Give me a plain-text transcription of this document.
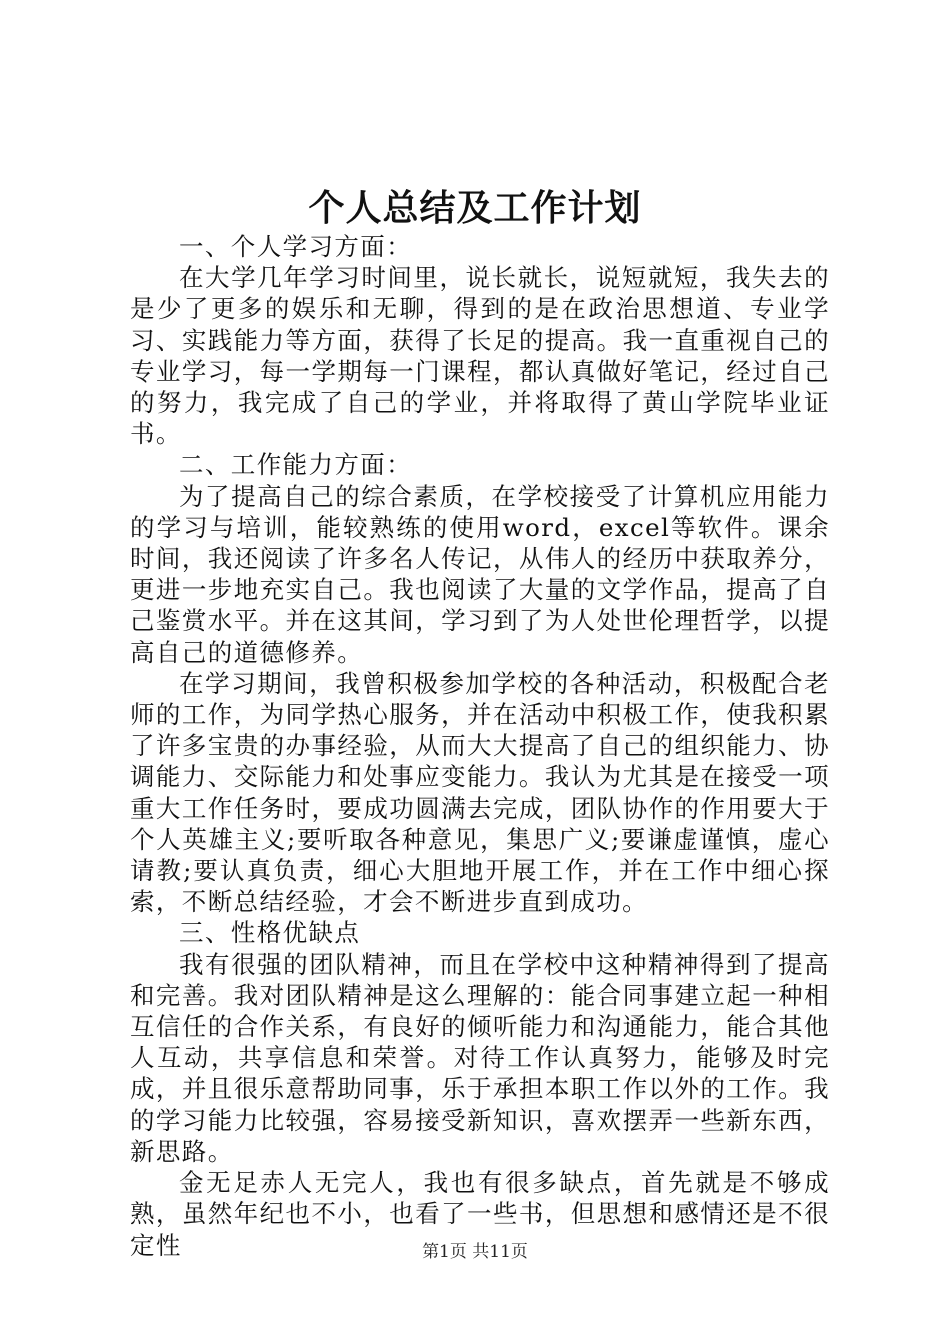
个人总结及工作计划

一、个人学习方面：

在大学几年学习时间里，说长就长，说短就短，我失去的是少了更多的娱乐和无聊，得到的是在政治思想道、专业学习、实践能力等方面，获得了长足的提高。我一直重视自己的专业学习，每一学期每一门课程，都认真做好笔记，经过自己的努力，我完成了自己的学业，并将取得了黄山学院毕业证书。

二、工作能力方面：

为了提高自己的综合素质，在学校接受了计算机应用能力的学习与培训，能较熟练的使用word，excel等软件。课余时间，我还阅读了许多名人传记，从伟人的经历中获取养分，更进一步地充实自己。我也阅读了大量的文学作品，提高了自己鉴赏水平。并在这其间，学习到了为人处世伦理哲学，以提高自己的道德修养。

在学习期间，我曾积极参加学校的各种活动，积极配合老师的工作，为同学热心服务，并在活动中积极工作，使我积累了许多宝贵的办事经验，从而大大提高了自己的组织能力、协调能力、交际能力和处事应变能力。我认为尤其是在接受一项重大工作任务时，要成功圆满去完成，团队协作的作用要大于个人英雄主义;要听取各种意见，集思广义;要谦虚谨慎，虚心请教;要认真负责，细心大胆地开展工作，并在工作中细心探索，不断总结经验，才会不断进步直到成功。

三、性格优缺点

我有很强的团队精神，而且在学校中这种精神得到了提高和完善。我对团队精神是这么理解的：能合同事建立起一种相互信任的合作关系，有良好的倾听能力和沟通能力，能合其他人互动，共享信息和荣誉。对待工作认真努力，能够及时完成，并且很乐意帮助同事，乐于承担本职工作以外的工作。我的学习能力比较强，容易接受新知识，喜欢摆弄一些新东西，新思路。

金无足赤人无完人，我也有很多缺点，首先就是不够成熟，虽然年纪也不小，也看了一些书，但思想和感情还是不很定性	第1页 共11页
